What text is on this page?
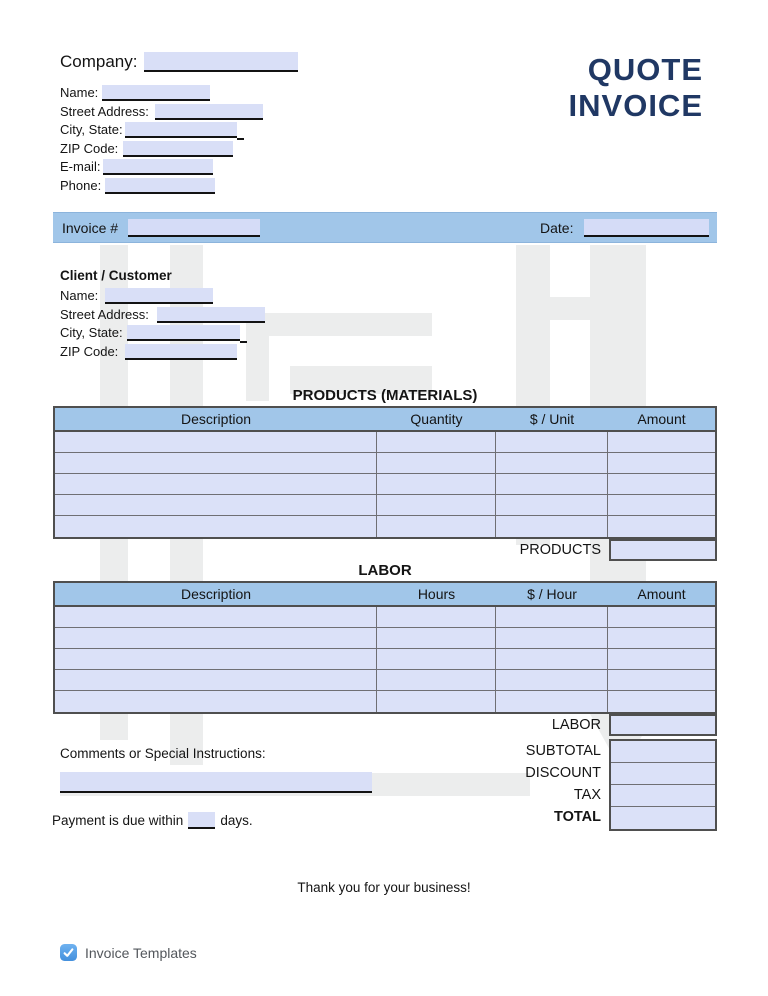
Company:
Name:
Street Address:
City, State:
ZIP Code:
E-mail:
Phone:
QUOTE
INVOICE
Invoice #	Date:
Client / Customer
Name:
Street Address:
City, State:
ZIP Code:
PRODUCTS (MATERIALS)
Description	Quantity	$ / Unit	Amount
PRODUCTS
LABOR
Description	Hours	$ / Hour	Amount
LABOR
Comments or Special Instructions:	SUBTOTAL
DISCOUNT
TAX
TOTAL
Payment is due within	days.
Thank you for your business!
Invoice Templates
